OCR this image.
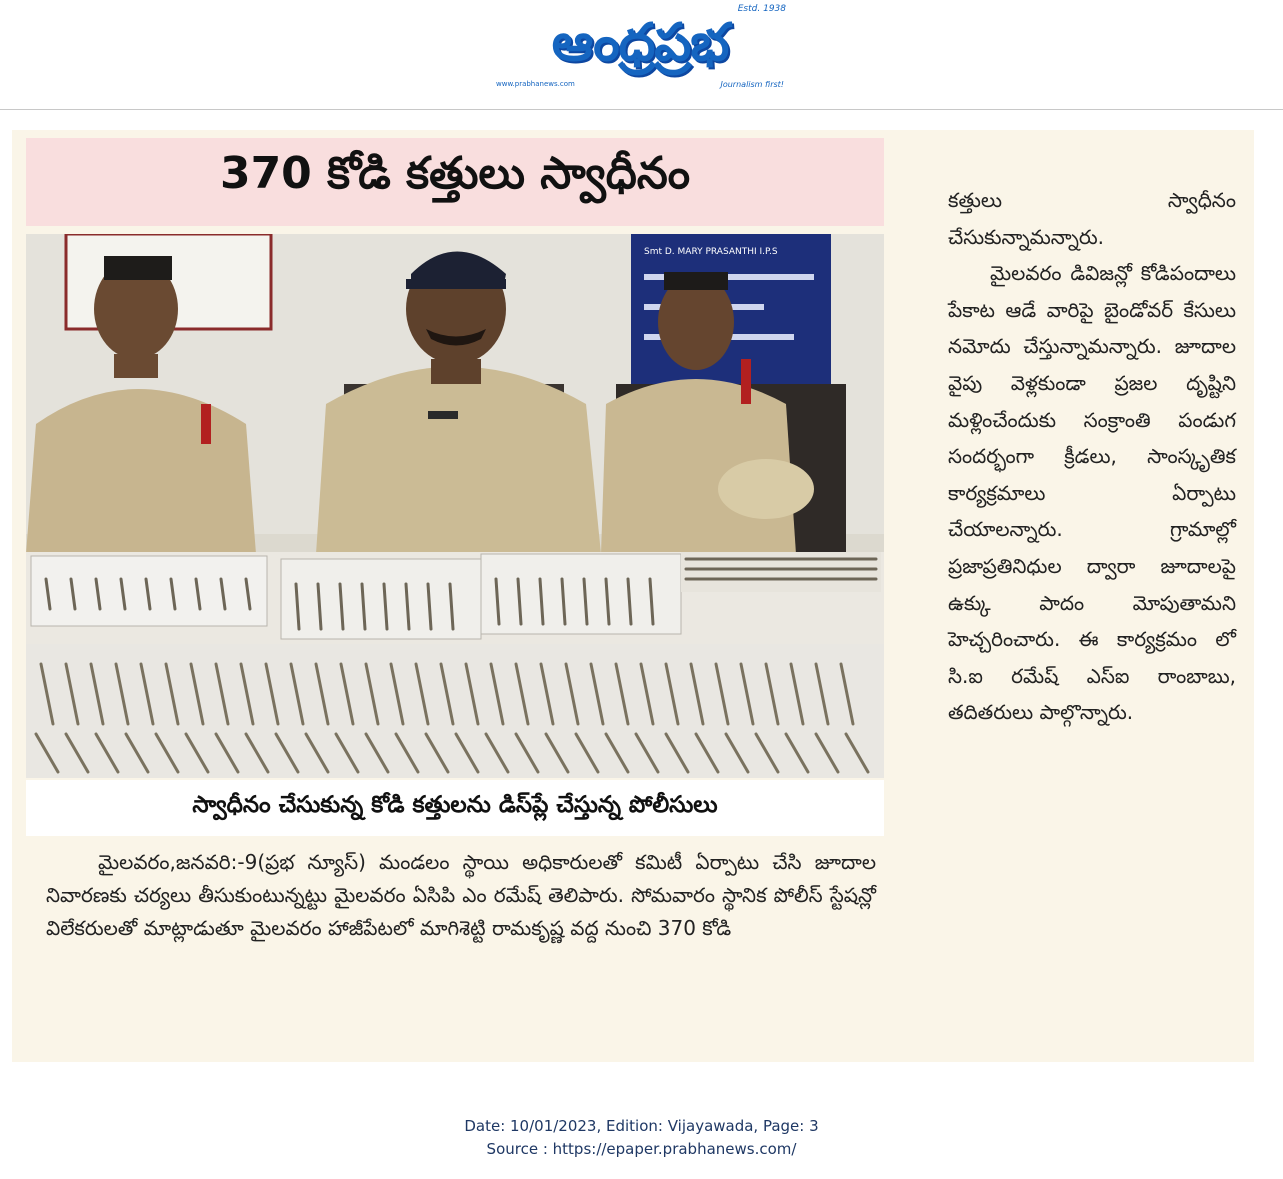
ఆంధ్రప్రభ
Estd. 1938
www.prabhanews.com	Journalism first!
370 కోడి కత్తులు స్వాధీనం
Smt D. MARY PRASANTHI I.P.S
స్వాధీనం చేసుకున్న కోడి కత్తులను డిస్‌ప్లే చేస్తున్న పోలీసులు
మైలవరం,జనవరి:-9(ప్రభ న్యూస్) మండలం స్థాయి అధికారులతో కమిటీ ఏర్పాటు చేసి జూదాల నివారణకు చర్యలు తీసుకుంటున్నట్టు మైలవరం ఏసిపి ఎం రమేష్ తెలిపారు. సోమవారం స్థానిక పోలీస్ స్టేషన్లో విలేకరులతో మాట్లాడుతూ మైలవరం హాజీపేటలో మాగిశెట్టి రామకృష్ణ వద్ద నుంచి 370 కోడి

కత్తులు స్వాధీనం చేసుకున్నామన్నారు.

మైలవరం డివిజన్లో కోడిపందాలు పేకాట ఆడే వారిపై బైండోవర్ కేసులు నమోదు చేస్తున్నామన్నారు. జూదాల వైపు వెళ్లకుండా ప్రజల దృష్టిని మళ్లించేందుకు సంక్రాంతి పండుగ సందర్భంగా క్రీడలు, సాంస్కృతిక కార్యక్రమాలు ఏర్పాటు చేయాలన్నారు. గ్రామాల్లో ప్రజాప్రతినిధుల ద్వారా జూదాలపై ఉక్కు పాదం మోపుతామని హెచ్చరించారు. ఈ కార్యక్రమం లో సి.ఐ రమేష్ ఎస్ఐ రాంబాబు, తదితరులు పాల్గొన్నారు.

Date: 10/01/2023, Edition: Vijayawada, Page: 3
Source : https://epaper.prabhanews.com/
